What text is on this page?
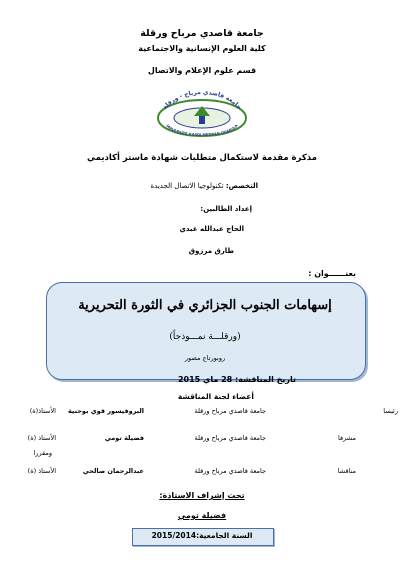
جامعة قاصدي مرباح ورقلة
كلية العلوم الإنسانية والاجتماعية
قسم علوم الإعلام والاتصال
جامعة قاصدي مرباح - ورقلة
UNIVERSITE KASDI MERBAH OUARGLA
مذكرة مقدمة لاستكمال متطلبات شهادة ماستر أكاديمي
التخصص: تكنولوجيا الاتصال الجديدة
إعداد الطالبين:
الحاج عبدالله عبدي
طارق مرزوق
بعنــــــوان :
إسهامات الجنوب الجزائري في الثورة التحريرية
(ورقلـــة نمـــوذجاً)
روبورتاج مصور
تاريخ المناقشة: 28 ماي 2015
أعضاء لجنة المناقشة
الأستاذ(ة) البروفيسور قوي بوحنية	جامعة قاصدي مرباح ورقلة	رئيسا
الأستاذ (ة)	فضيلة تومي	جامعة قاصدي مرباح ورقلة	مشرفا
ومقررا
الأستاذ (ة)	عبدالرحمان صالحي	جامعة قاصدي مرباح ورقلة	مناقشا
تحت إشراف الاستاذة:
فضيلة تومي
السنة الجامعية:2015/2014
